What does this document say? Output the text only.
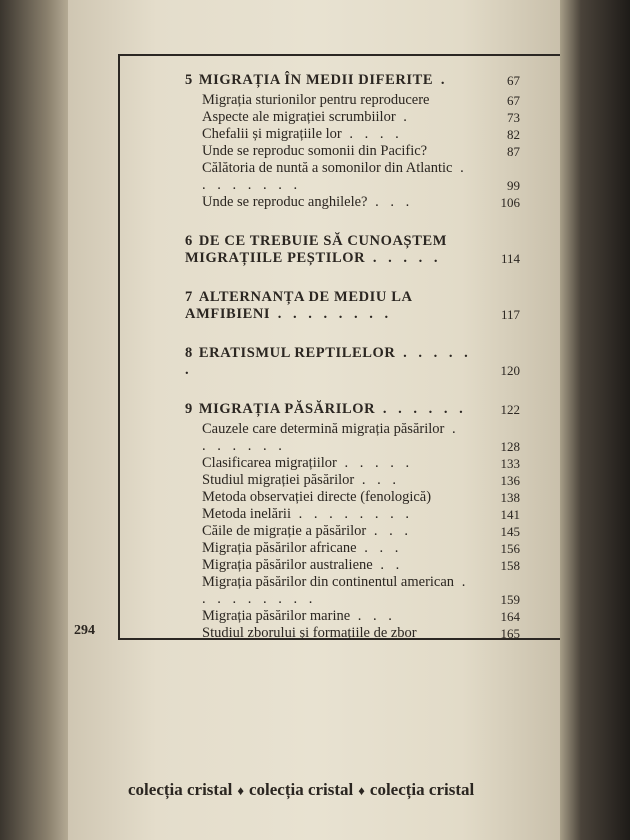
5 MIGRAȚIA ÎN MEDII DIFERITE .	67
Migrația sturionilor pentru reproducere	67
Aspecte ale migrației scrumbiilor .	73
Chefalii și migrațiile lor . . . .	82
Unde se reproduc somonii din Pacific?	87
Călătoria de nuntă a somonilor din Atlantic . . . . . . . .	99
Unde se reproduc anghilele? . . .	106
6 DE CE TREBUIE SĂ CUNOAȘTEM MIGRAȚIILE PEȘTILOR . . . . .	114
7 ALTERNANȚA DE MEDIU LA AMFIBIENI . . . . . . . .	117
8 ERATISMUL REPTILELOR . . . . . .	120
9 MIGRAȚIA PĂSĂRILOR . . . . . .	122
Cauzele care determină migrația păsărilor . . . . . . .	128
Clasificarea migrațiilor . . . . .	133
Studiul migrației păsărilor . . .	136
Metoda observației directe (fenologică)	138
Metoda inelării . . . . . . . .	141
Căile de migrație a păsărilor . . .	145
Migrația păsărilor africane . . .	156
Migrația păsărilor australiene . .	158
Migrația păsărilor din continentul american . . . . . . . . .	159
Migrația păsărilor marine . . .	164
Studiul zborului și formațiile de zbor	165
294
colecția cristal ♦ colecția cristal ♦ colecția cristal
